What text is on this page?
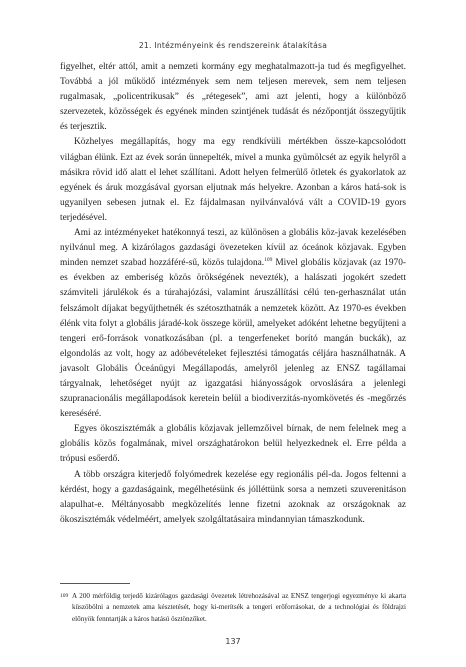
21. Intézményeink és rendszereink átalakítása

figyelhet, eltér attól, amit a nemzeti kormány egy meghatalmazott-ja tud és megfigyelhet. Továbbá a jól működő intézmények sem nem teljesen merevek, sem nem teljesen rugalmasak, „policentrikusak” és „rétegesek”, ami azt jelenti, hogy a különböző szervezetek, közösségek és egyének minden szintjének tudását és nézőpontját összegyűjtik és terjesztik.

Közhelyes megállapítás, hogy ma egy rendkívüli mértékben össze-kapcsolódott világban élünk. Ezt az évek során ünnepelték, mivel a munka gyümölcsét az egyik helyről a másikra rövid idő alatt el lehet szállítani. Adott helyen felmerülő ötletek és gyakorlatok az egyének és áruk mozgásával gyorsan eljutnak más helyekre. Azonban a káros hatá-sok is ugyanilyen sebesen jutnak el. Ez fájdalmasan nyilvánvalóvá vált a COVID-19 gyors terjedésével.

Ami az intézményeket hatékonnyá teszi, az különösen a globális köz-javak kezelésében nyilvánul meg. A kizárólagos gazdasági övezeteken kívül az óceánok közjavak. Egyben minden nemzet szabad hozzáféré-sű, közös tulajdona.$^{109}$ Mivel globális közjavak (az 1970-es években az emberiség közös örökségének nevezték), a halászati jogokért szedett számviteli járulékok és a túrahajózási, valamint áruszállítási célú ten-gerhasználat után felszámolt díjakat begyűjthetnék és szétoszthatnák a nemzetek között. Az 1970-es években élénk vita folyt a globális járadé-kok összege körül, amelyeket adóként lehetne begyűjteni a tengeri erő-források vonatkozásában (pl. a tengerfeneket borító mangán buckák), az elgondolás az volt, hogy az adóbevételeket fejlesztési támogatás céljára használhatnák. A javasolt Globális Óceánügyi Megállapodás, amelyről jelenleg az ENSZ tagállamai tárgyalnak, lehetőséget nyújt az igazgatási hiányosságok orvoslására a jelenlegi szupranacionális megállapodások keretein belül a biodiverzitás-nyomkövetés és -megőrzés kereséséré.

Egyes ökoszisztémák a globális közjavak jellemzőivel bírnak, de nem felelnek meg a globális közös fogalmának, mivel országhatárokon belül helyezkednek el. Erre példa a trópusi esőerdő.

A több országra kiterjedő folyómedrek kezelése egy regionális pél-da. Jogos feltenni a kérdést, hogy a gazdaságaink, megélhetésünk és jólléttünk sorsa a nemzeti szuverenitáson alapulhat-e. Méltányosabb megközelítés lenne fizetni azoknak az országoknak az ökoszisztémák védelméért, amelyek szolgáltatásaira mindannyian támaszkodunk.

109 A 200 mérföldig terjedő kizárólagos gazdasági övezetek létrehozásával az ENSZ tengerjogi egyezménye ki akarta küszöbölni a nemzetek ama késztetését, hogy ki-merítsék a tengeri erőforrásokat, de a technológiai és földrajzi előnyök fenntartják a káros hatású ösztönzőket.
137
